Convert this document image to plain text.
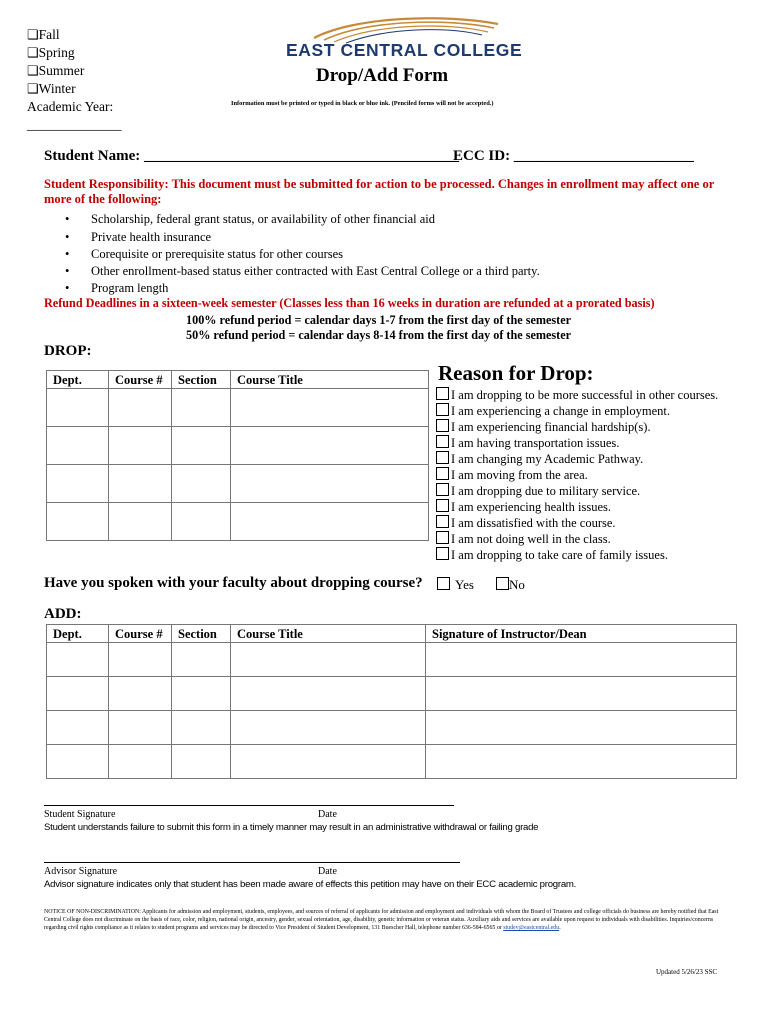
❑Fall
❑Spring
❑Summer
❑Winter
Academic Year:
______________
EAST CENTRAL COLLEGE
Drop/Add Form
Information must be printed or typed in black or blue ink. (Penciled forms will not be accepted.)
Student Name: __________________________________________
ECC ID: ________________________
Student Responsibility: This document must be submitted for action to be processed. Changes in enrollment may affect one or more of the following:
• Scholarship, federal grant status, or availability of other financial aid
• Private health insurance
• Corequisite or prerequisite status for other courses
• Other enrollment-based status either contracted with East Central College or a third party.
• Program length
Refund Deadlines in a sixteen-week semester (Classes less than 16 weeks in duration are refunded at a prorated basis)
100% refund period = calendar days 1-7 from the first day of the semester
50% refund period = calendar days 8-14 from the first day of the semester
DROP:
Dept.	Course #	Section	Course Title

				Reason for Drop:
I am dropping to be more successful in other courses.
I am experiencing a change in employment.
I am experiencing financial hardship(s).
I am having transportation issues.
I am changing my Academic Pathway.
I am moving from the area.
I am dropping due to military service.
I am experiencing health issues.
I am dissatisfied with the course.
I am not doing well in the class.
I am dropping to take care of family issues.
Have you spoken with your faculty about dropping course?	Yes	No
ADD:
Dept.	Course #	Section	Course Title	Signature of Instructor/Dean

Student Signature	Date
Student understands failure to submit this form in a timely manner may result in an administrative withdrawal or failing grade
Advisor Signature	Date
Advisor signature indicates only that student has been made aware of effects this petition may have on their ECC academic program.
NOTICE OF NON-DISCRIMINATION: Applicants for admission and employment, students, employees, and sources of referral of applicants for admission and employment and individuals with whom the Board of Trustees and college officials do business are hereby notified that East Central College does not discriminate on the basis of race, color, religion, national origin, ancestry, gender, sexual orientation, age, disability, genetic information or veteran status. Auxiliary aids and services are available upon request to individuals with disabilities. Inquiries/concerns regarding civil rights compliance as it relates to student programs and services may be directed to Vice President of Student Development, 131 Buescher Hall, telephone number 636-584-6565 or studev@eastcentral.edu.
Updated 5/26/23 SSC
